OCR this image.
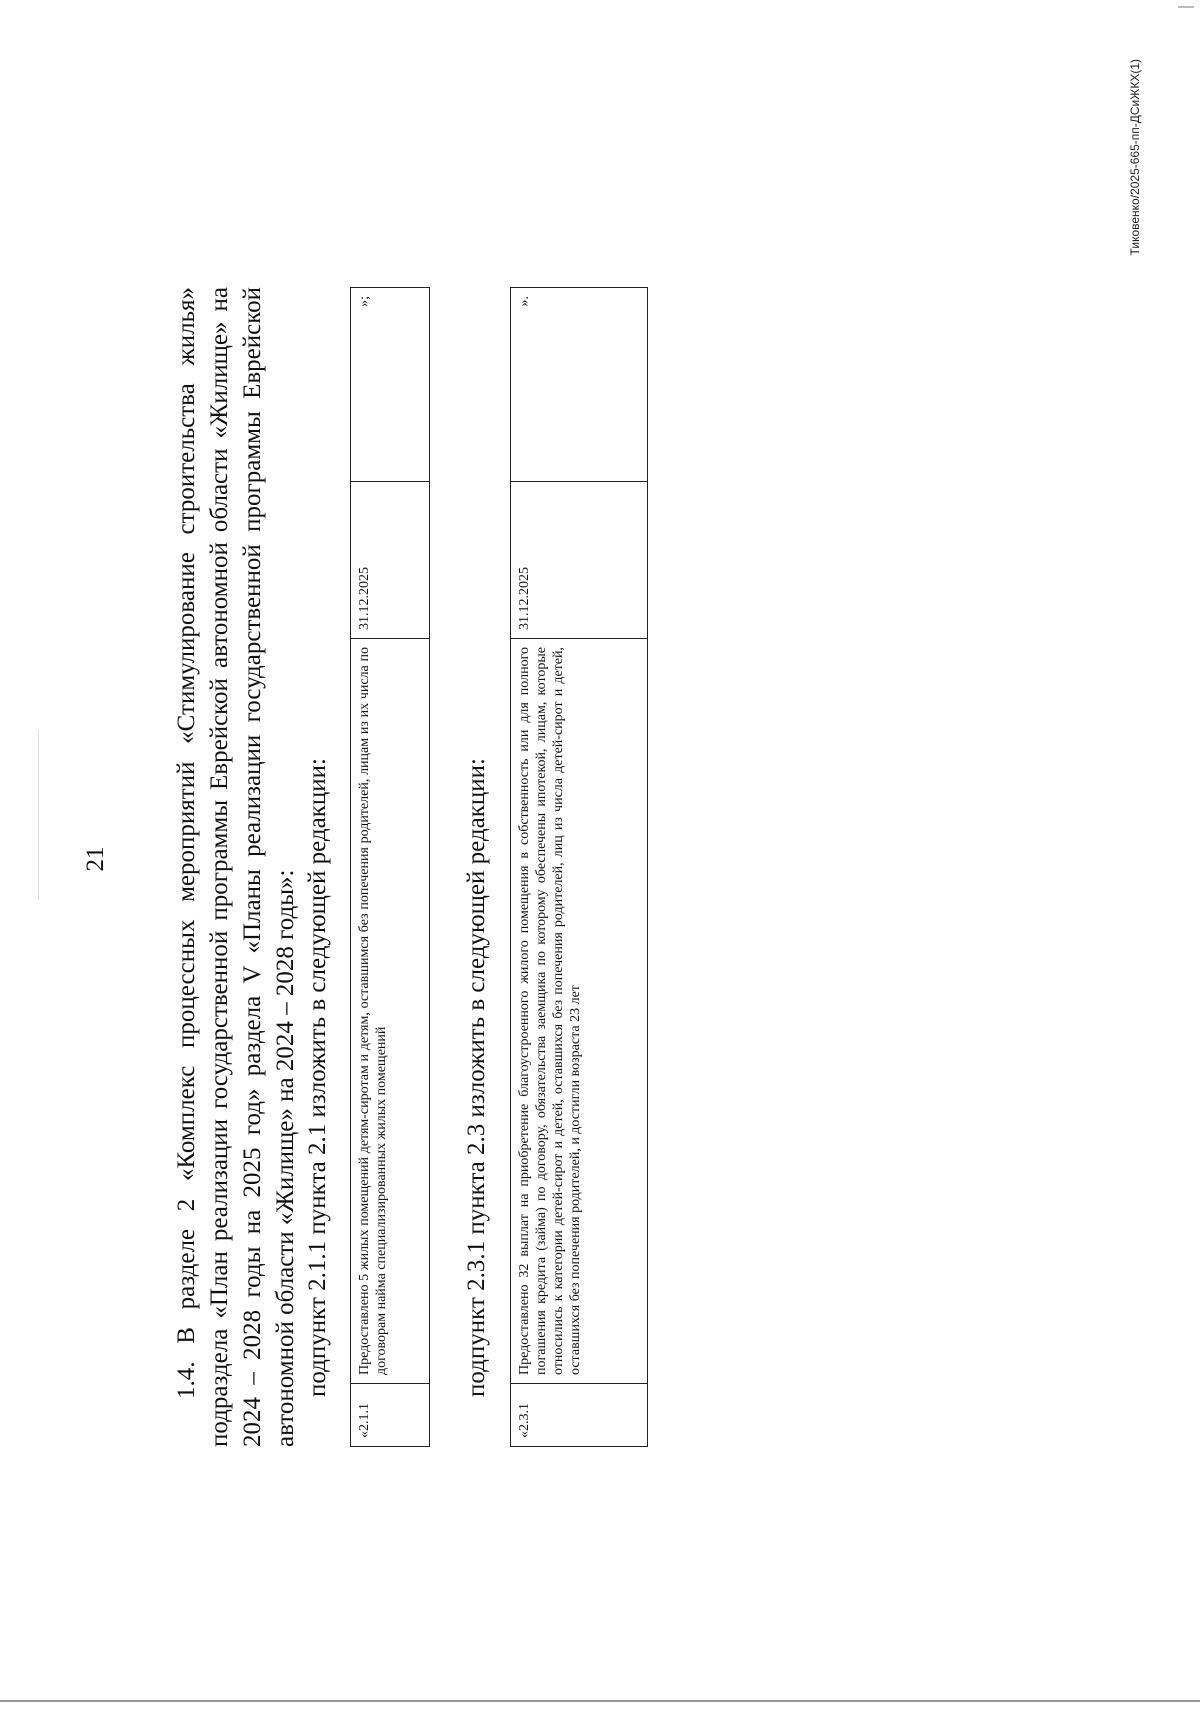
21	1.4. В разделе 2 «Комплекс процессных мероприятий «Стимулирование строительства жилья» подраздела «План реализации государственной программы Еврейской автономной области «Жилище» на 2024 – 2028 годы на 2025 год» раздела V «Планы реализации государственной программы Еврейской автономной области «Жилище» на 2024 – 2028 годы»: подпункт 2.1.1 пункта 2.1 изложить в следующей редакции:
«2.1.1	Предоставлено 5 жилых помещений детям-сиротам и детям, оставшимся без попечения родителей, лицам из их числа по договорам найма специализированных жилых помещений	31.12.2025	»;
подпункт 2.3.1 пункта 2.3 изложить в следующей редакции:
«2.3.1	Предоставлено 32 выплат на приобретение благоустроенного жилого помещения в собственность или для полного погашения кредита (займа) по договору, обязательства заемщика по которому обеспечены ипотекой, лицам, которые относились к категории детей-сирот и детей, оставшихся без попечения родителей, лиц из числа детей-сирот и детей, оставшихся без попечения родителей, и достигли возраста 23 лет	31.12.2025	».
Тиковенко/2025-665-пп-ДСиЖКХ(1)
